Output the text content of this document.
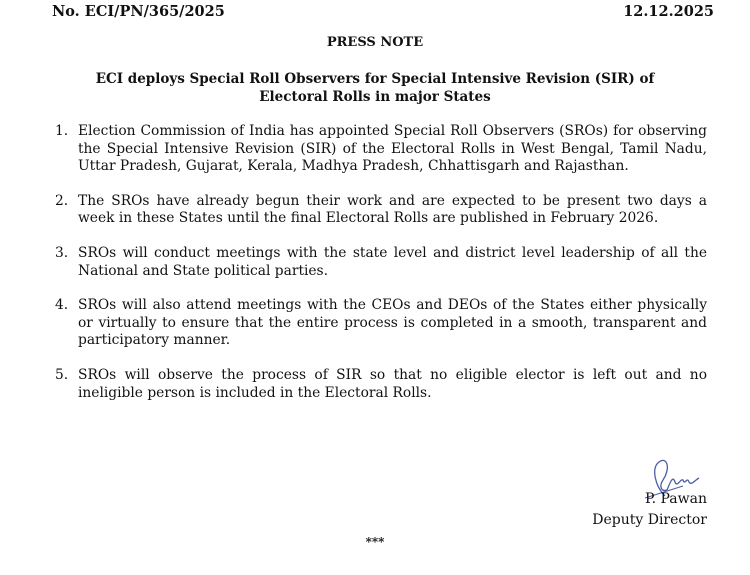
No. ECI/PN/365/2025	12.12.2025
PRESS NOTE
ECI deploys Special Roll Observers for Special Intensive Revision (SIR) of Electoral Rolls in major States
1. Election Commission of India has appointed Special Roll Observers (SROs) for observing the Special Intensive Revision (SIR) of the Electoral Rolls in West Bengal, Tamil Nadu, Uttar Pradesh, Gujarat, Kerala, Madhya Pradesh, Chhattisgarh and Rajasthan.
2. The SROs have already begun their work and are expected to be present two days a week in these States until the final Electoral Rolls are published in February 2026.
3. SROs will conduct meetings with the state level and district level leadership of all the National and State political parties.
4. SROs will also attend meetings with the CEOs and DEOs of the States either physically or virtually to ensure that the entire process is completed in a smooth, transparent and participatory manner.
5. SROs will observe the process of SIR so that no eligible elector is left out and no ineligible person is included in the Electoral Rolls.
P. Pawan
Deputy Director
***
